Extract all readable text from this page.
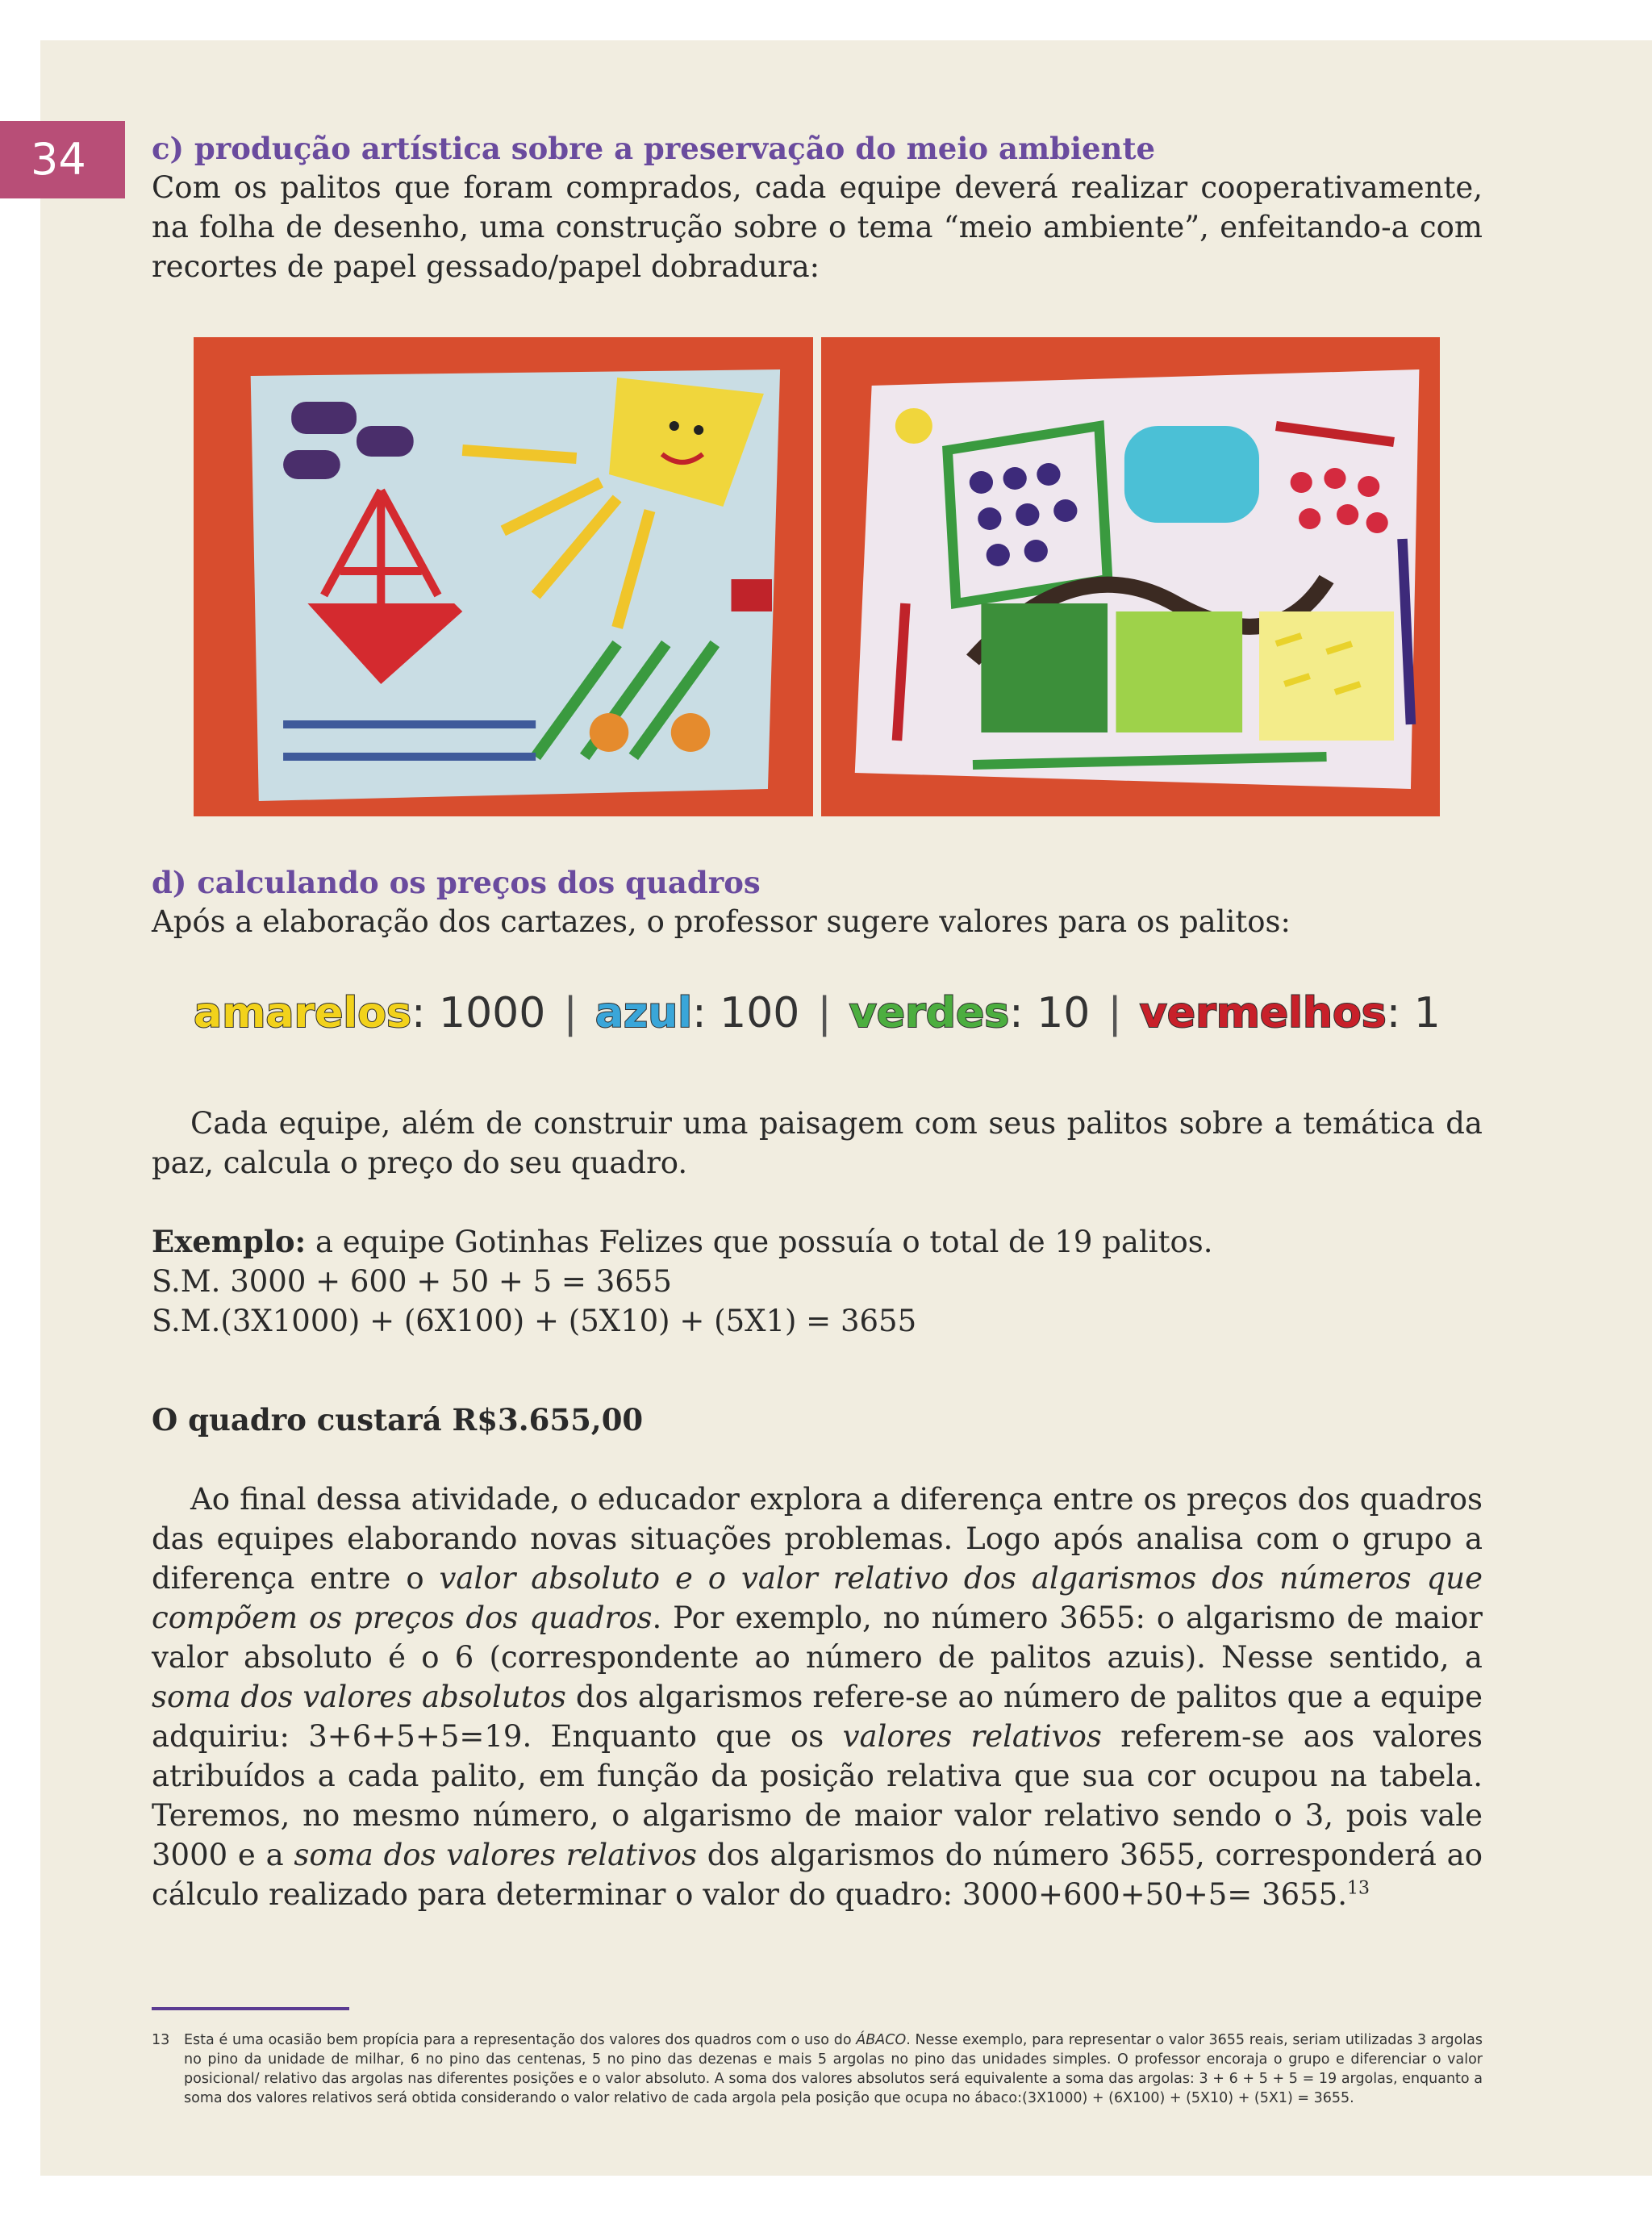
34	c) produção artística sobre a preservação do meio ambiente

Com os palitos que foram comprados, cada equipe deverá realizar cooperativamente, na folha de desenho, uma construção sobre o tema “meio ambiente”, enfeitando-a com recortes de papel gessado/papel dobradura:

d) calculando os preços dos quadros

Após a elaboração dos cartazes, o professor sugere valores para os palitos:

amarelos: 1000 | azul: 100 | verdes: 10 | vermelhos: 1

Cada equipe, além de construir uma paisagem com seus palitos sobre a temática da paz, calcula o preço do seu quadro.

Exemplo: a equipe Gotinhas Felizes que possuía o total de 19 palitos.

S.M. 3000 + 600 + 50 + 5 = 3655

S.M.(3X1000) + (6X100) + (5X10) + (5X1) = 3655

O quadro custará R$3.655,00

Ao final dessa atividade, o educador explora a diferença entre os preços dos quadros das equipes elaborando novas situações problemas. Logo após analisa com o grupo a diferença entre o valor absoluto e o valor relativo dos algarismos dos números que compõem os preços dos quadros. Por exemplo, no número 3655: o algarismo de maior valor absoluto é o 6 (correspondente ao número de palitos azuis). Nesse sentido, a soma dos valores absolutos dos algarismos refere-se ao número de palitos que a equipe adquiriu: 3+6+5+5=19. Enquanto que os valores relativos referem-se aos valores atribuídos a cada palito, em função da posição relativa que sua cor ocupou na tabela. Teremos, no mesmo número, o algarismo de maior valor relativo sendo o 3, pois vale 3000 e a soma dos valores relativos dos algarismos do número 3655, corresponderá ao cálculo realizado para determinar o valor do quadro: 3000+600+50+5= 3655.13

13 Esta é uma ocasião bem propícia para a representação dos valores dos quadros com o uso do ÁBACO. Nesse exemplo, para representar o valor 3655 reais, seriam utilizadas 3 argolas no pino da unidade de milhar, 6 no pino das centenas, 5 no pino das dezenas e mais 5 argolas no pino das unidades simples. O professor encoraja o grupo e diferenciar o valor posicional/ relativo das argolas nas diferentes posições e o valor absoluto. A soma dos valores absolutos será equivalente a soma das argolas: 3 + 6 + 5 + 5 = 19 argolas, enquanto a soma dos valores relativos será obtida considerando o valor relativo de cada argola pela posição que ocupa no ábaco:(3X1000) + (6X100) + (5X10) + (5X1) = 3655.
